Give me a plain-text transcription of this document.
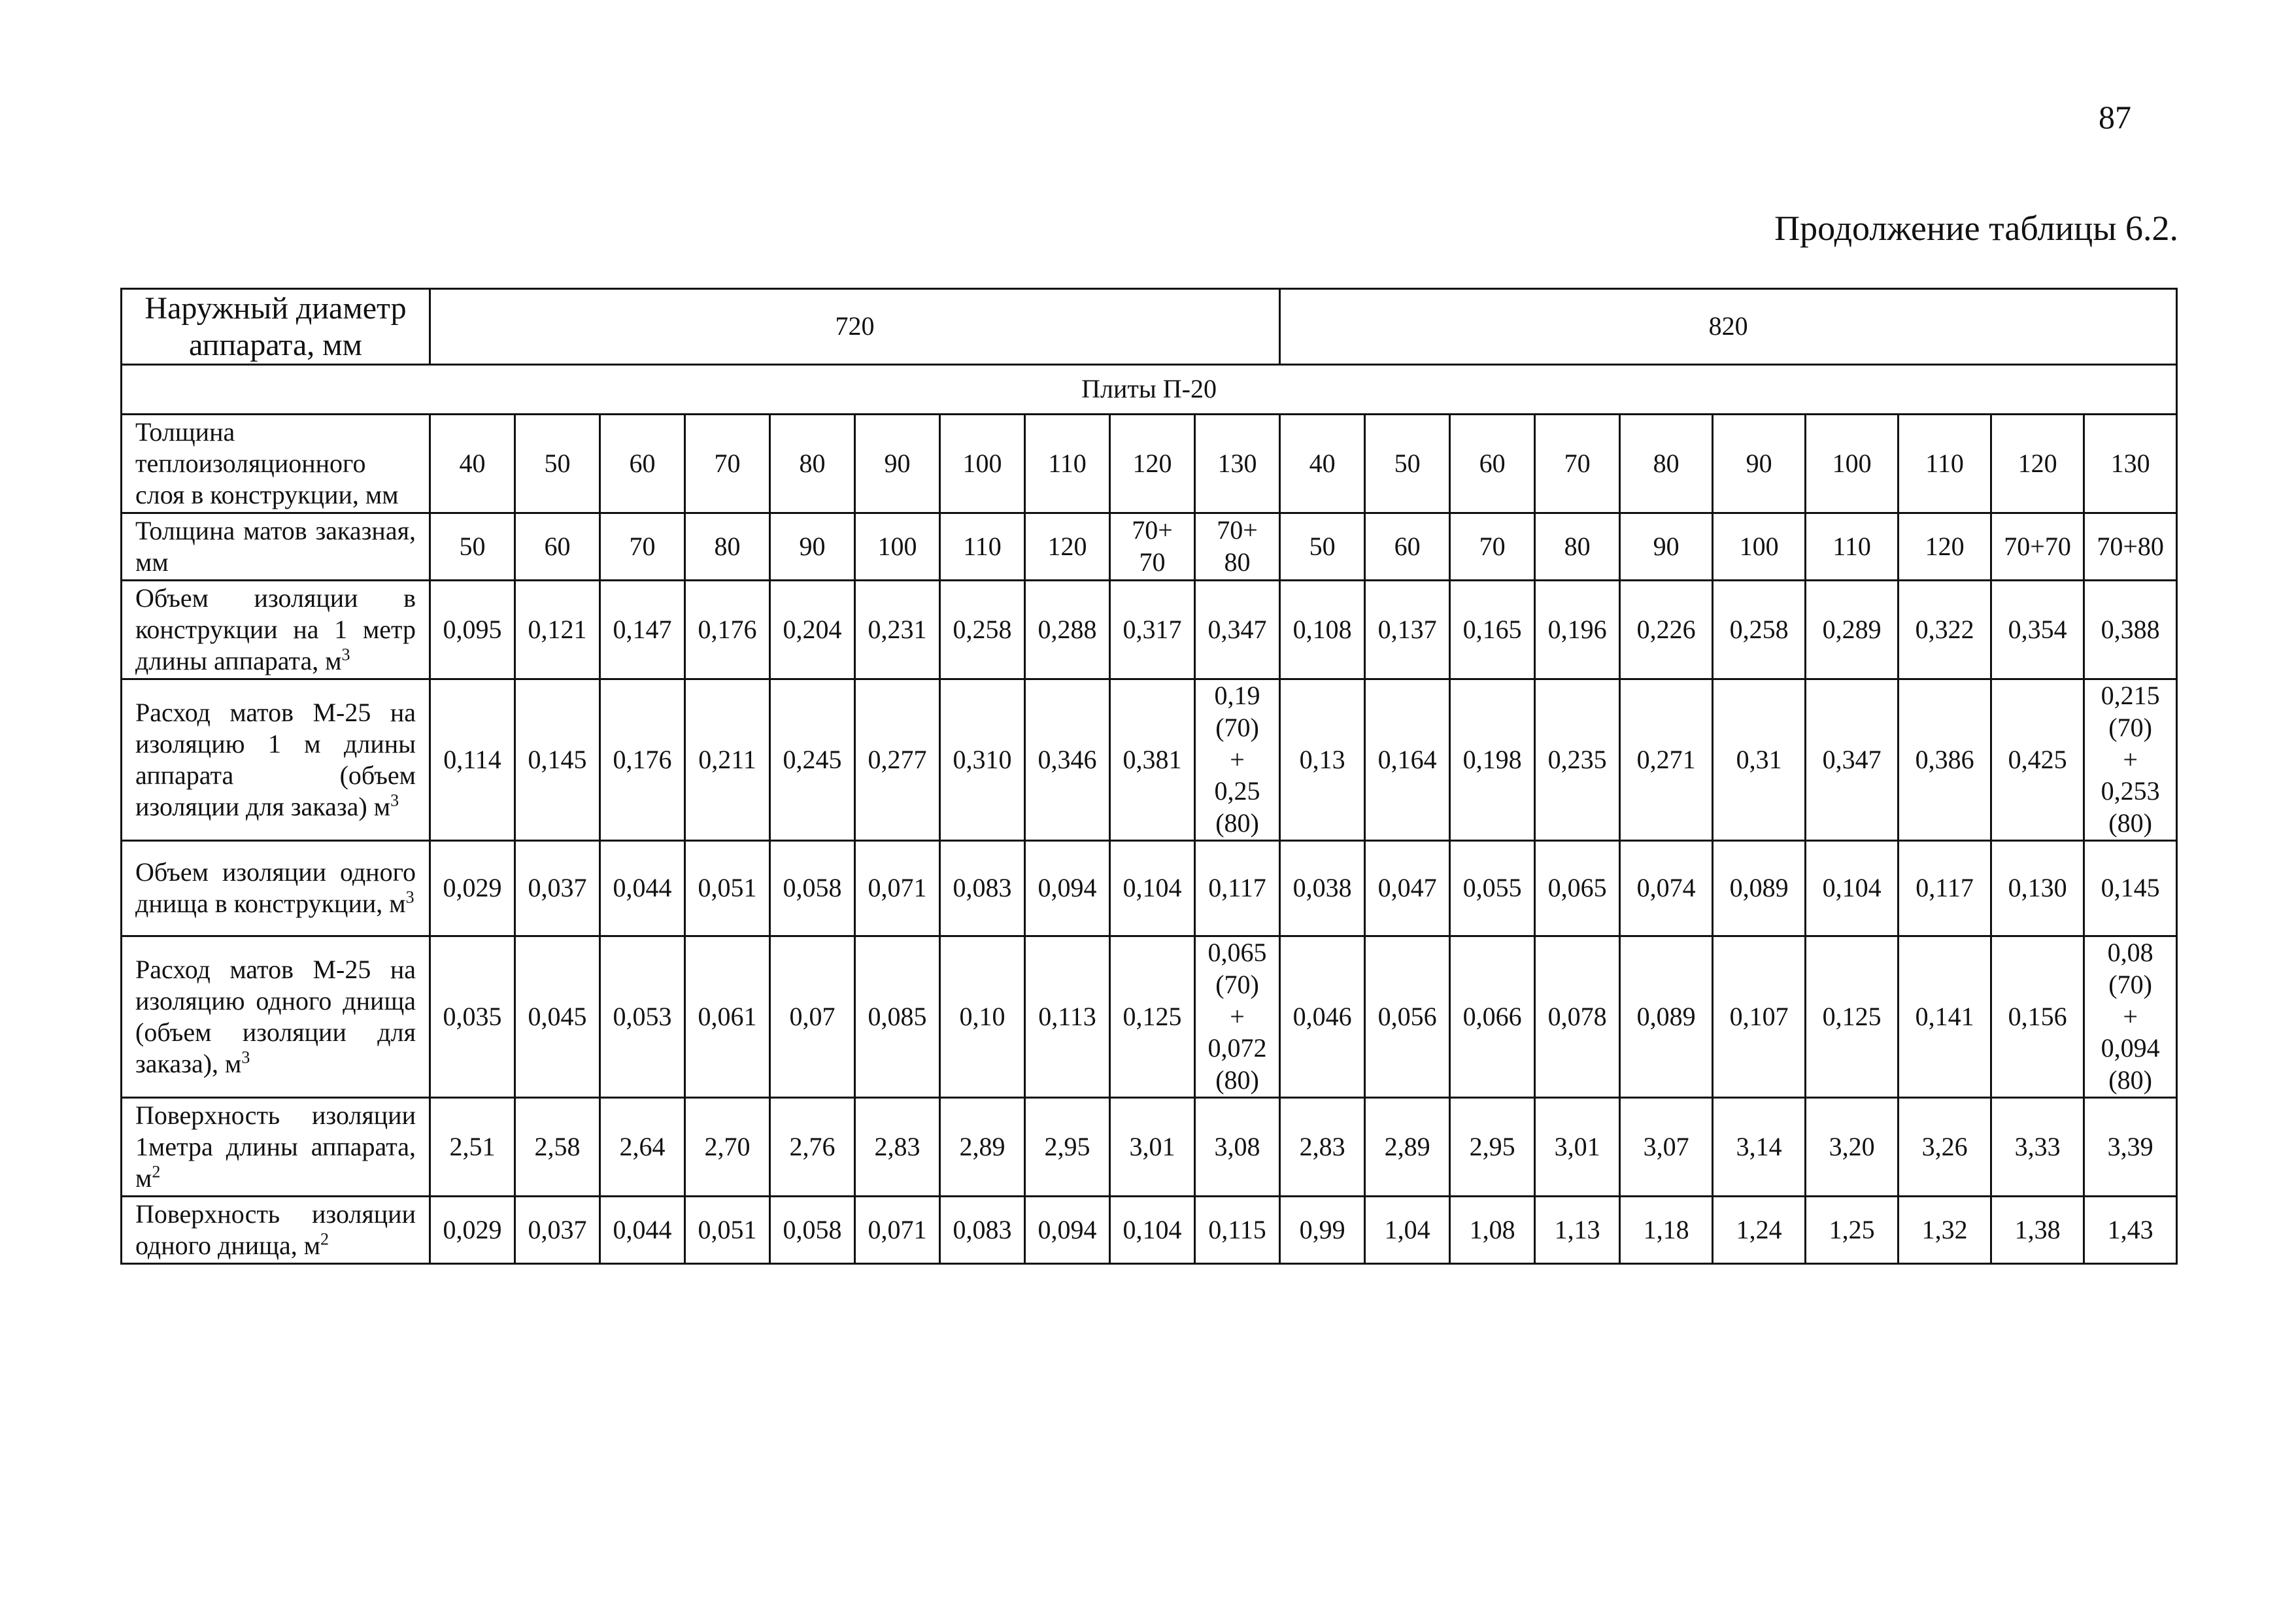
87
Продолжение таблицы 6.2.
Наружный диаметр аппарата, мм	720										820									
Плиты П-20																				
Толщина теплоизоляционного слоя в конструкции, мм	40	50	60	70	80	90	100	110	120	130	40	50	60	70	80	90	100	110	120	130
Толщина матов заказная, мм	50	60	70	80	90	100	110	120	70+
70	70+
80	50	60	70	80	90	100	110	120	70+70	70+80
Объем изоляции в конструкции на 1 метр длины аппарата, $м^3$	0,095	0,121	0,147	0,176	0,204	0,231	0,258	0,288	0,317	0,347	0,108	0,137	0,165	0,196	0,226	0,258	0,289	0,322	0,354	0,388
Расход матов М-25 на изоляцию 1 м длины аппарата (объем изоляции для заказа) $м^3$	0,114	0,145	0,176	0,211	0,245	0,277	0,310	0,346	0,381	0,19
(70)
+
0,25
(80)	0,13	0,164	0,198	0,235	0,271	0,31	0,347	0,386	0,425	0,215
(70)
+
0,253
(80)
Объем изоляции одного днища в конструкции, $м^3$	0,029	0,037	0,044	0,051	0,058	0,071	0,083	0,094	0,104	0,117	0,038	0,047	0,055	0,065	0,074	0,089	0,104	0,117	0,130	0,145
Расход матов М-25 на изоляцию одного днища (объем изоляции для заказа), $м^3$	0,035	0,045	0,053	0,061	0,07	0,085	0,10	0,113	0,125	0,065
(70)
+
0,072
(80)	0,046	0,056	0,066	0,078	0,089	0,107	0,125	0,141	0,156	0,08
(70)
+
0,094
(80)
Поверхность изоляции 1метра длины аппарата, $м^2$	2,51	2,58	2,64	2,70	2,76	2,83	2,89	2,95	3,01	3,08	2,83	2,89	2,95	3,01	3,07	3,14	3,20	3,26	3,33	3,39
Поверхность изоляции одного днища, $м^2$	0,029	0,037	0,044	0,051	0,058	0,071	0,083	0,094	0,104	0,115	0,99	1,04	1,08	1,13	1,18	1,24	1,25	1,32	1,38	1,43
